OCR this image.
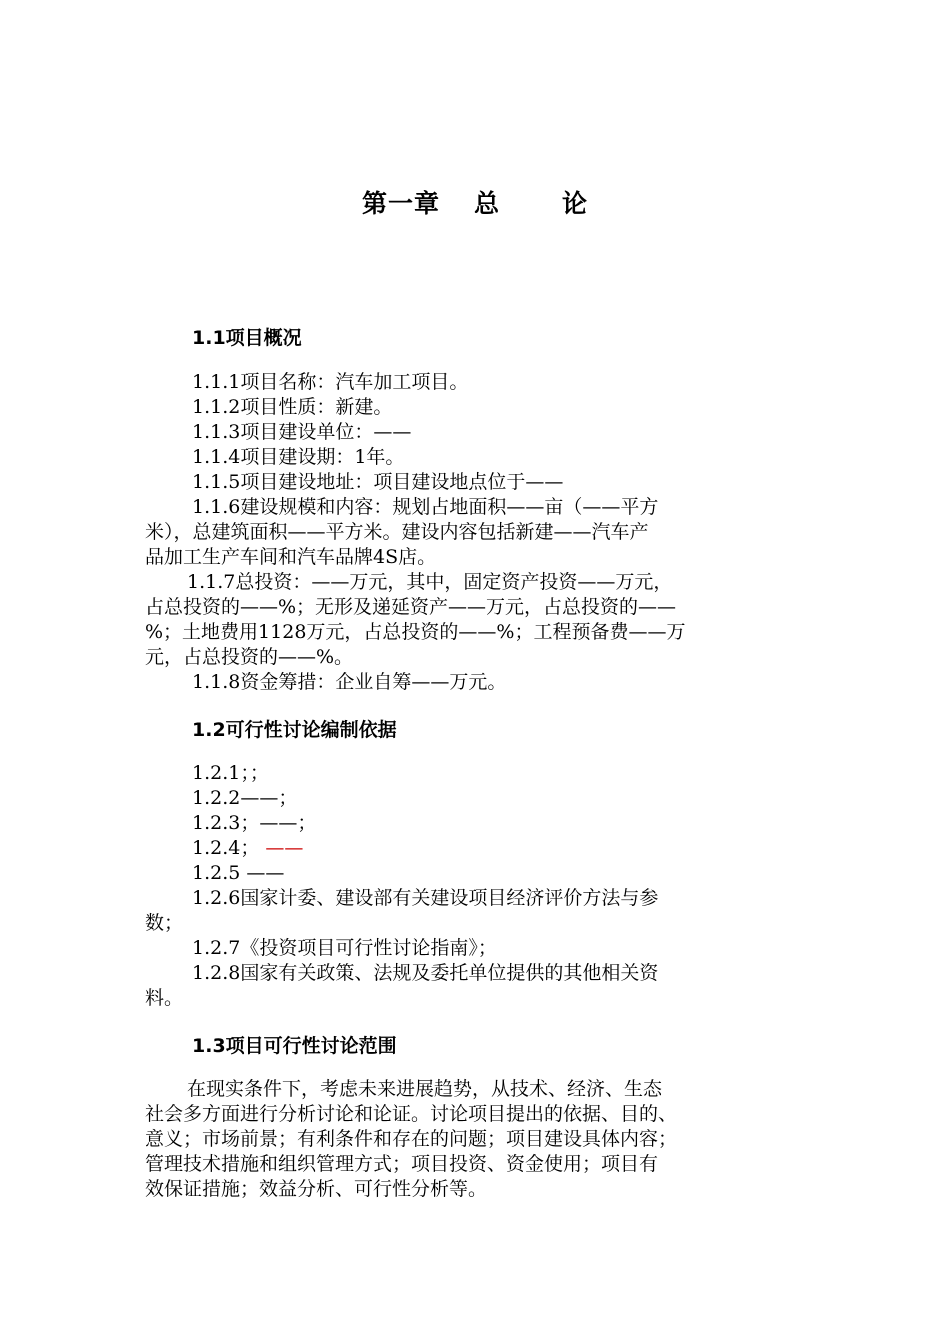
第一章 总 论
1.1项目概况
1.1.1项目名称：汽车加工项目。
1.1.2项目性质：新建。
1.1.3项目建设单位：——
1.1.4项目建设期：1年。
1.1.5项目建设地址：项目建设地点位于——
1.1.6建设规模和内容：规划占地面积——亩（——平方
米），总建筑面积——平方米。建设内容包括新建——汽车产
品加工生产车间和汽车品牌4S店。
1.1.7总投资：——万元，其中，固定资产投资——万元，
占总投资的——%；无形及递延资产——万元，占总投资的——
%；土地费用1128万元，占总投资的——%；工程预备费——万
元，占总投资的——%。
1.1.8资金筹措：企业自筹——万元。
1.2可行性讨论编制依据
1.2.1；；
1.2.2——；
1.2.3；——；
1.2.4； ——
1.2.5 ——
1.2.6国家计委、建设部有关建设项目经济评价方法与参
数；
1.2.7《投资项目可行性讨论指南》；
1.2.8国家有关政策、法规及委托单位提供的其他相关资
料。
1.3项目可行性讨论范围
在现实条件下，考虑未来进展趋势，从技术、经济、生态
社会多方面进行分析讨论和论证。讨论项目提出的依据、目的、
意义；市场前景；有利条件和存在的问题；项目建设具体内容；
管理技术措施和组织管理方式；项目投资、资金使用；项目有
效保证措施；效益分析、可行性分析等。
